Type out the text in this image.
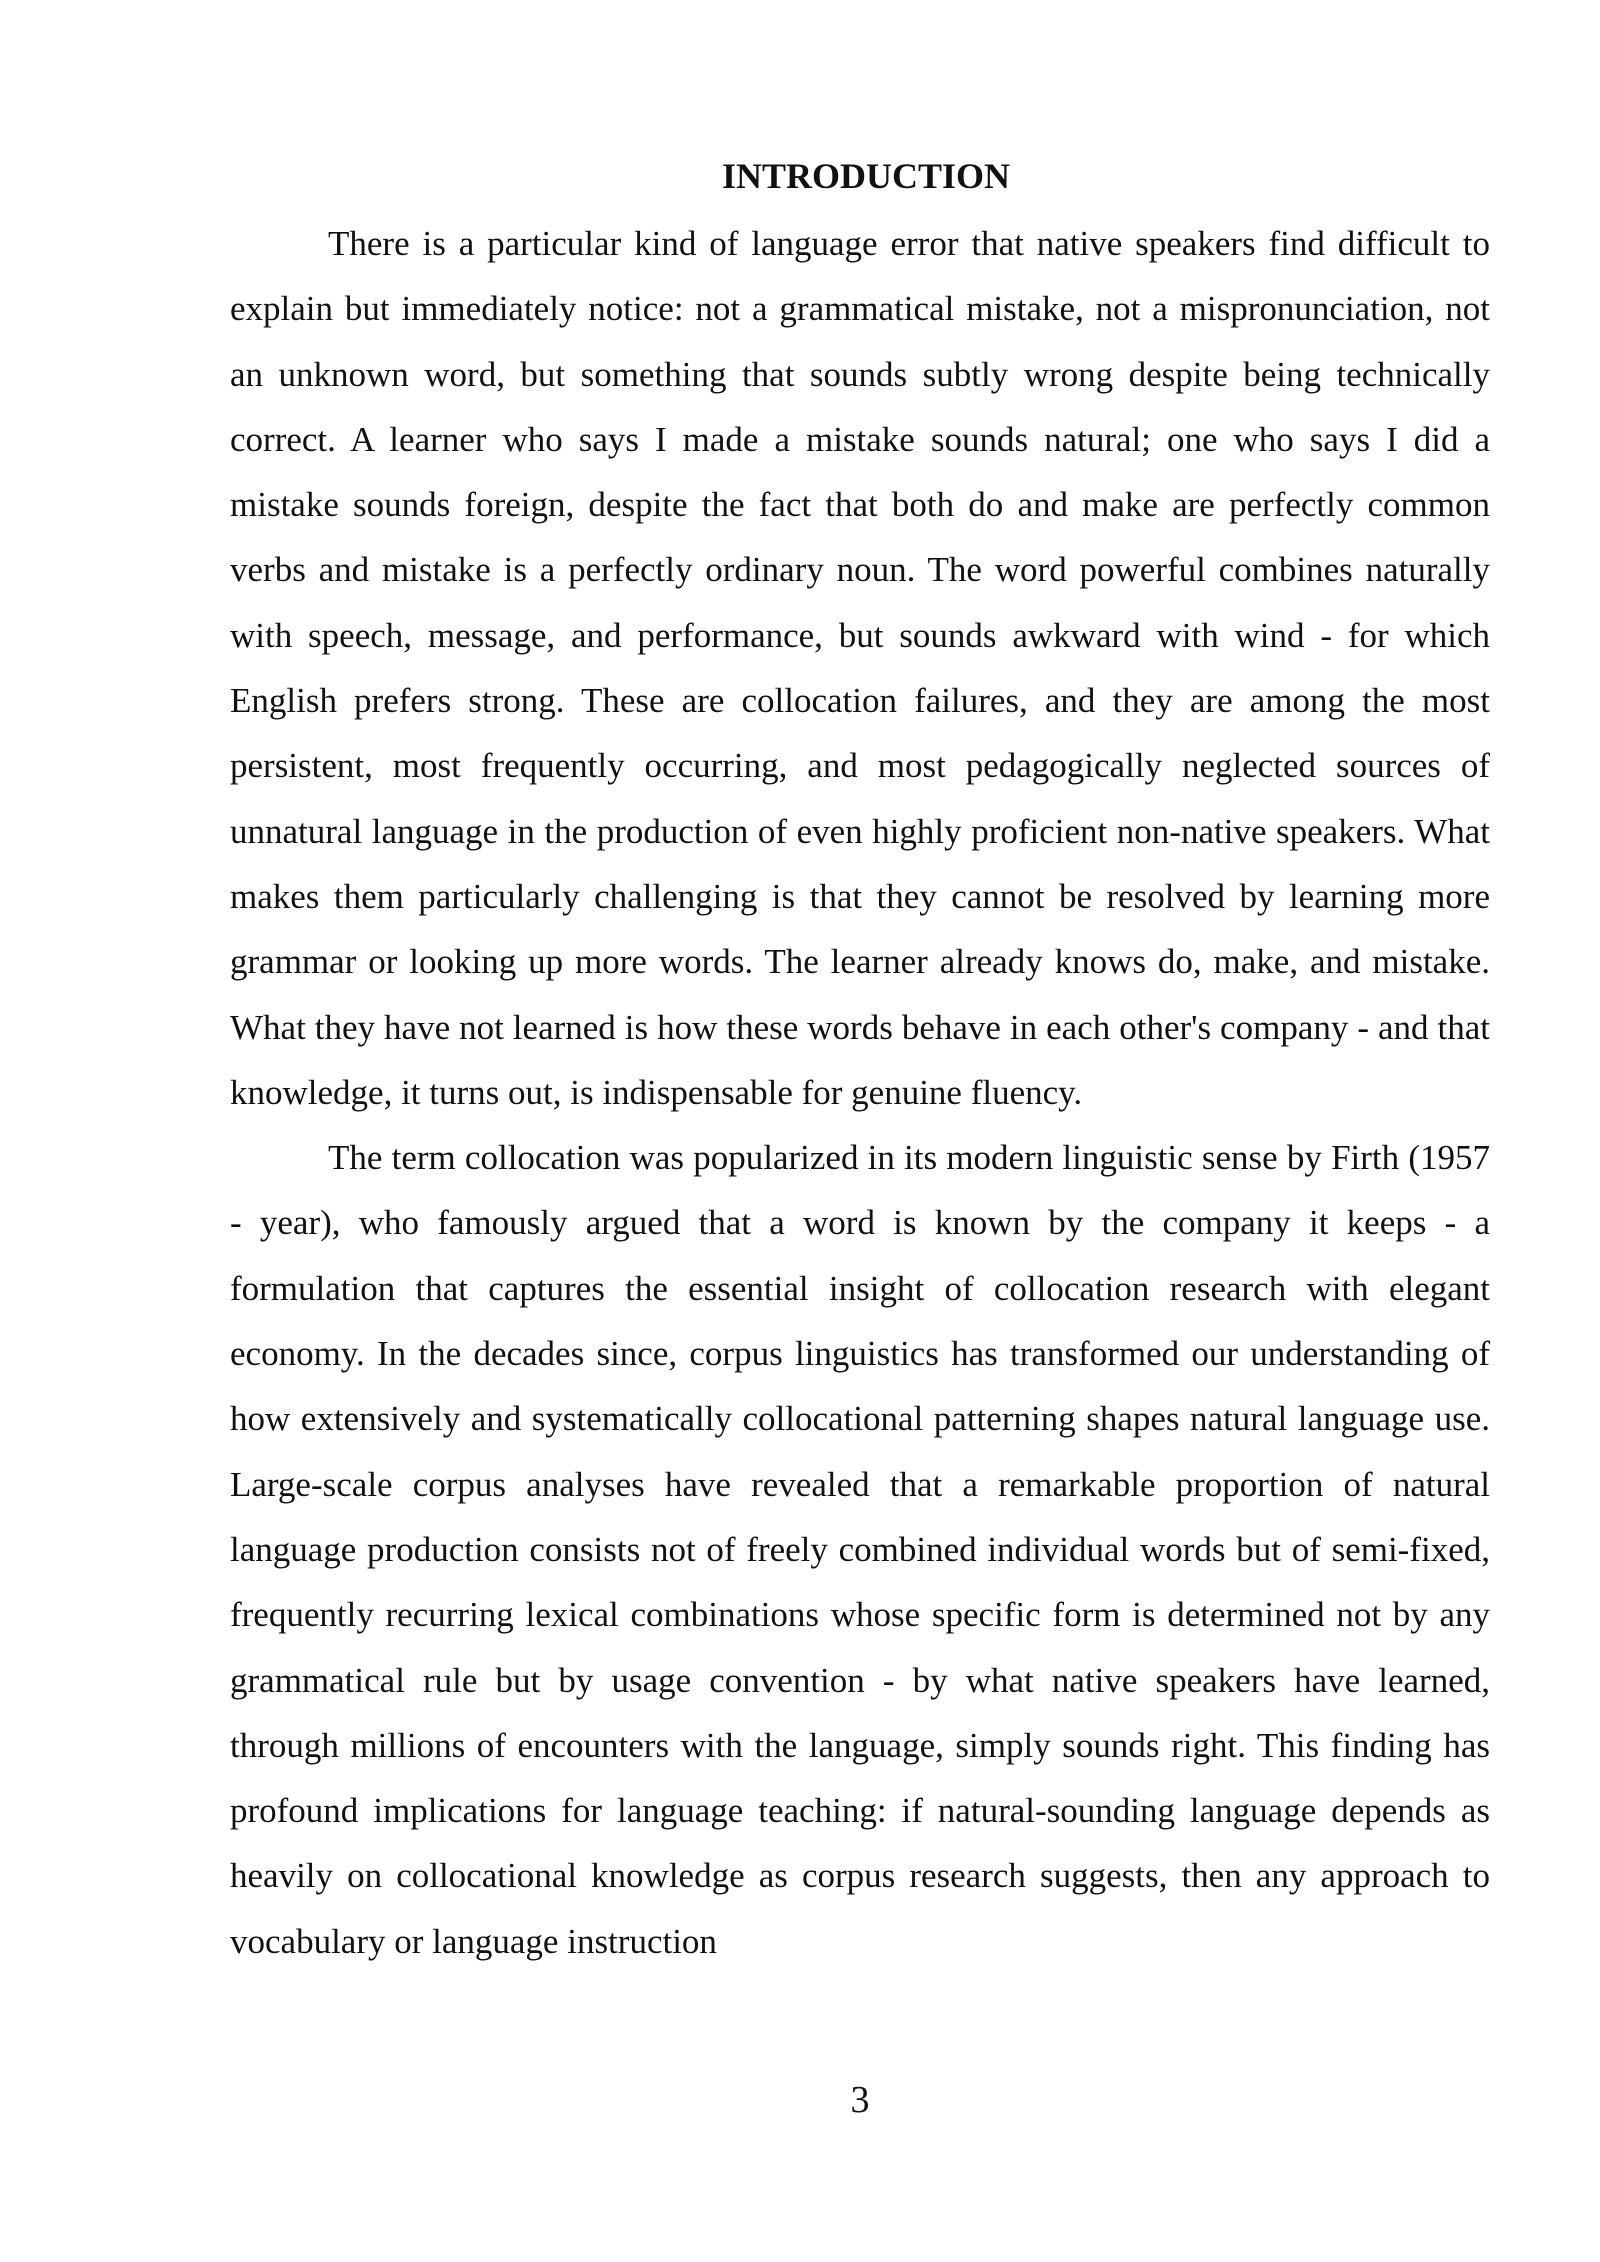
INTRODUCTION

There is a particular kind of language error that native speakers find difficult to explain but immediately notice: not a grammatical mistake, not a mispronunciation, not an unknown word, but something that sounds subtly wrong despite being technically correct. A learner who says I made a mistake sounds natural; one who says I did a mistake sounds foreign, despite the fact that both do and make are perfectly common verbs and mistake is a perfectly ordinary noun. The word powerful combines naturally with speech, message, and performance, but sounds awkward with wind - for which English prefers strong. These are collocation failures, and they are among the most persistent, most frequently occurring, and most pedagogically neglected sources of unnatural language in the production of even highly proficient non-native speakers. What makes them particularly challenging is that they cannot be resolved by learning more grammar or looking up more words. The learner already knows do, make, and mistake. What they have not learned is how these words behave in each other's company - and that knowledge, it turns out, is indispensable for genuine fluency.

The term collocation was popularized in its modern linguistic sense by Firth (1957 - year), who famously argued that a word is known by the company it keeps - a formulation that captures the essential insight of collocation research with elegant economy. In the decades since, corpus linguistics has transformed our understanding of how extensively and systematically collocational patterning shapes natural language use. Large-scale corpus analyses have revealed that a remarkable proportion of natural language production consists not of freely combined individual words but of semi-fixed, frequently recurring lexical combinations whose specific form is determined not by any grammatical rule but by usage convention - by what native speakers have learned, through millions of encounters with the language, simply sounds right. This finding has profound implications for language teaching: if natural-sounding language depends as heavily on collocational knowledge as corpus research suggests, then any approach to vocabulary or language instruction

3
